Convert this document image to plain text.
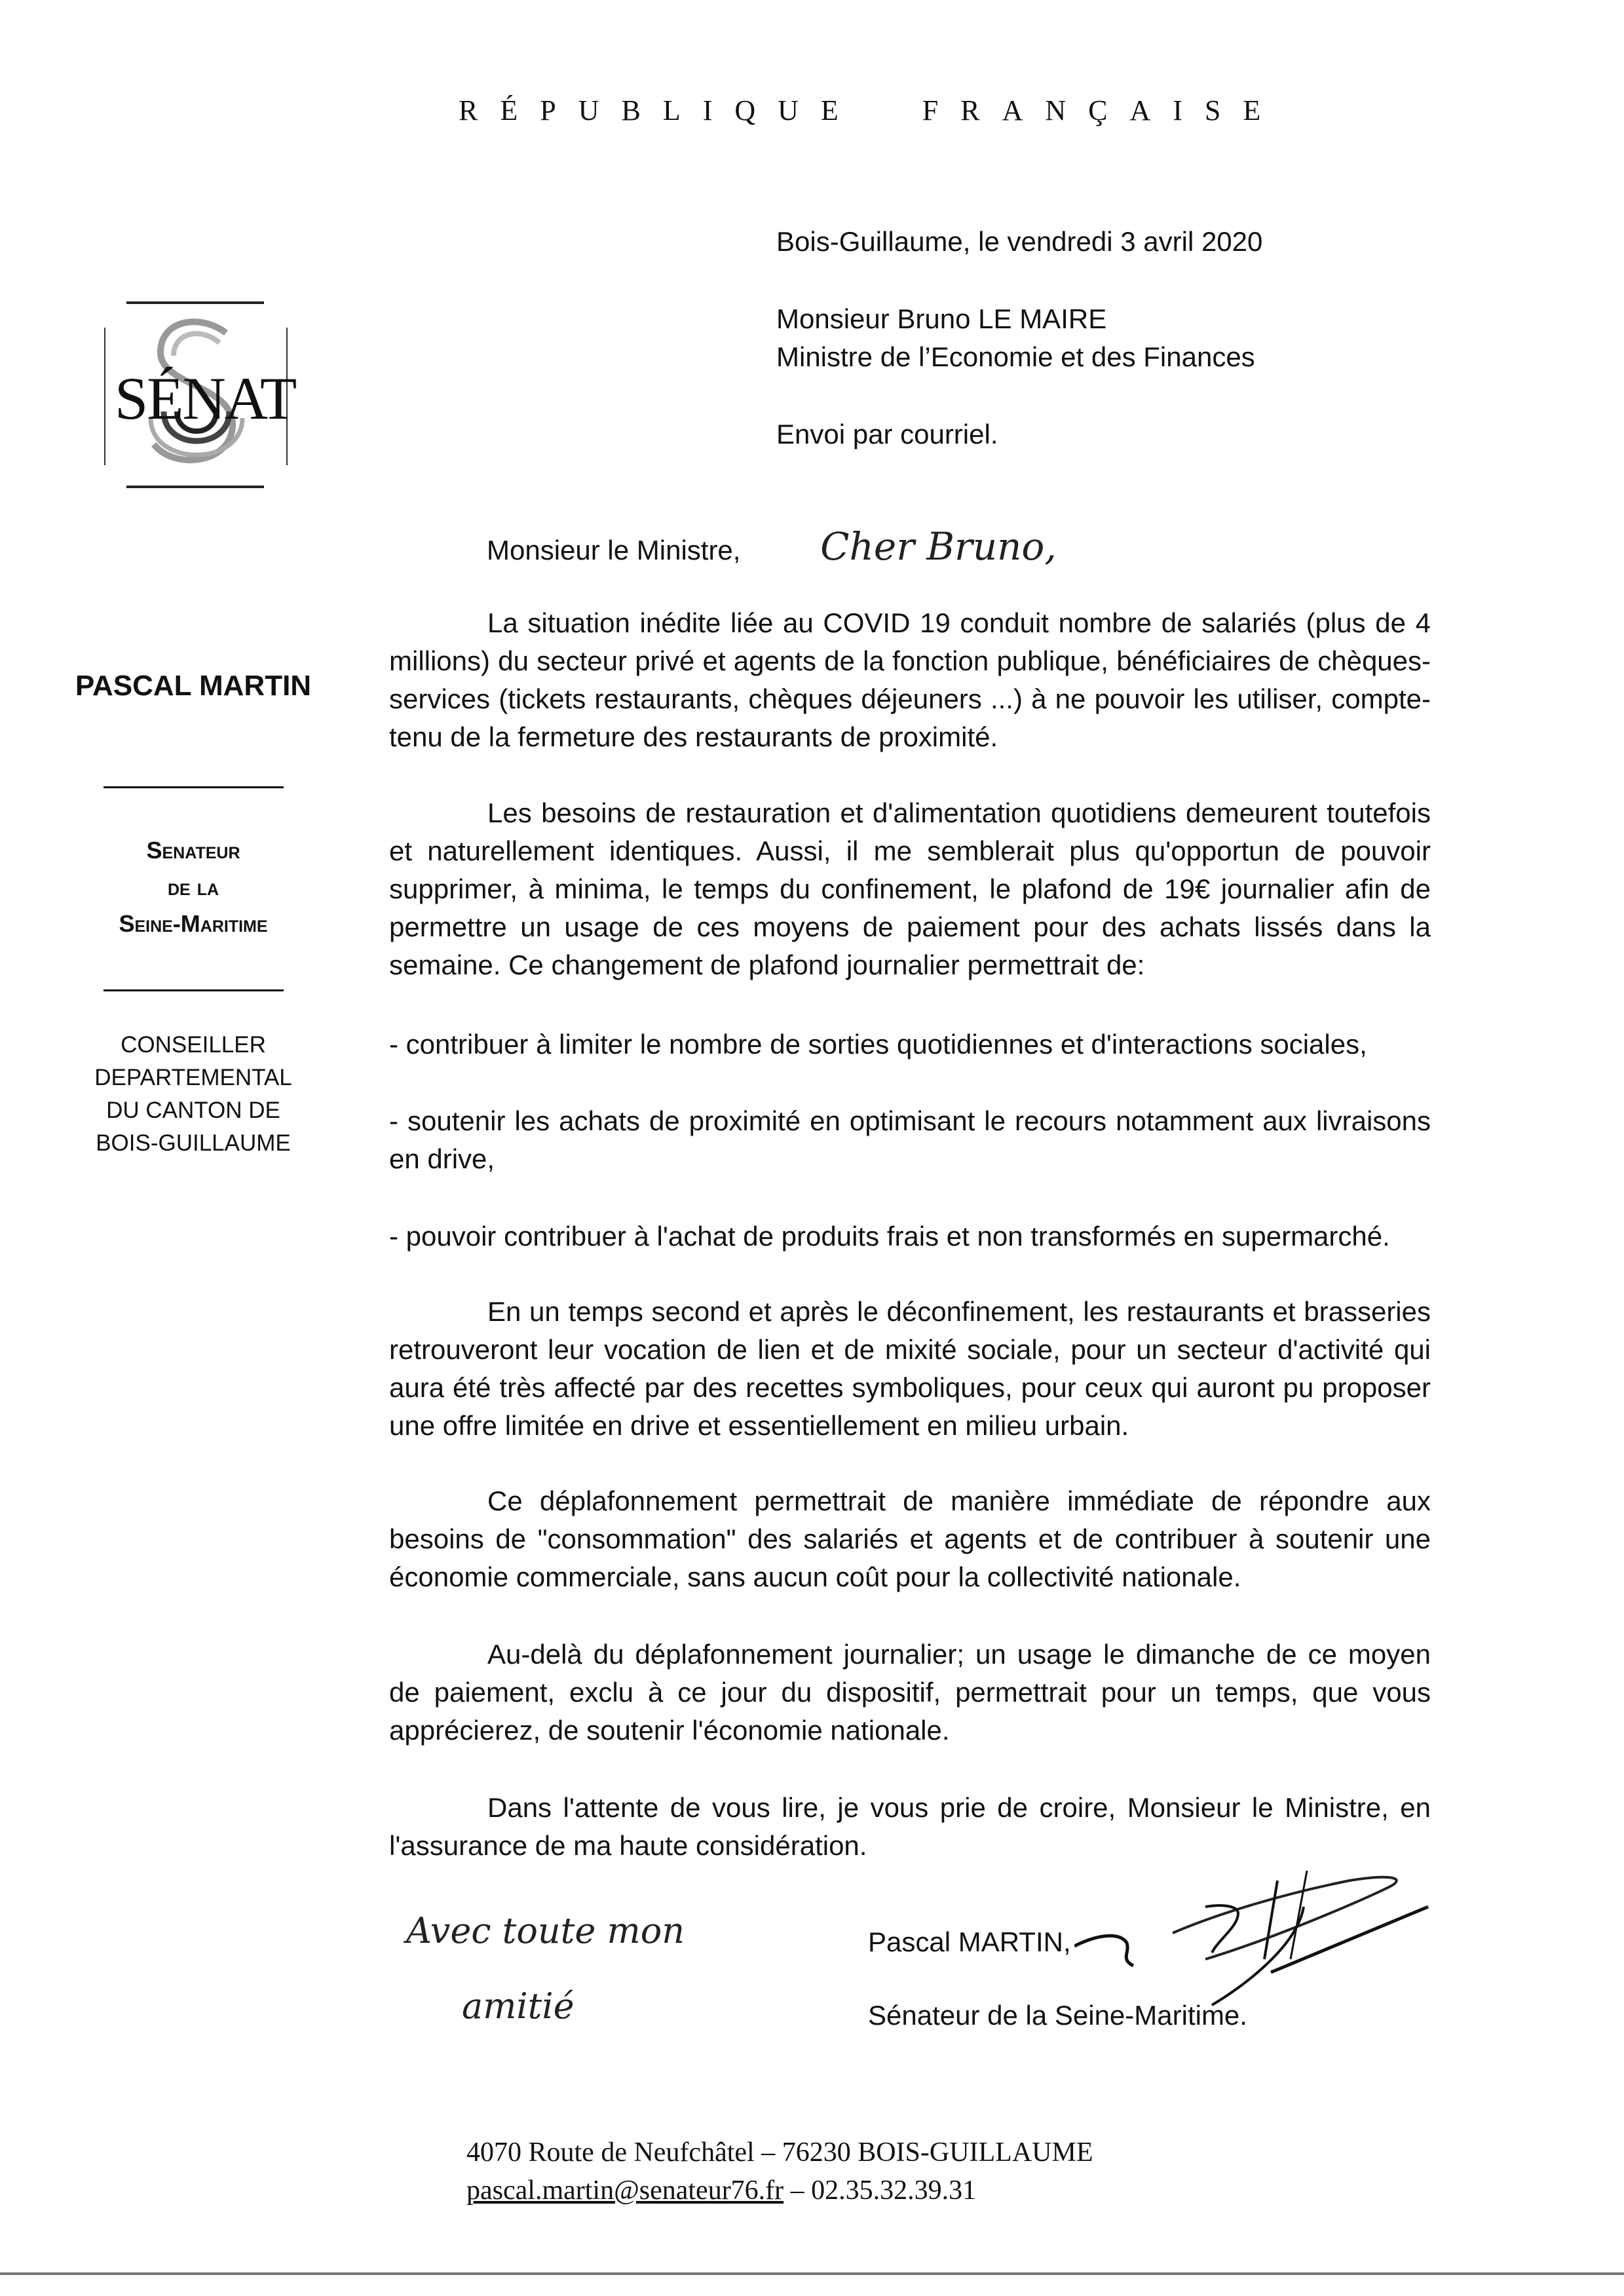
RÉPUBLIQUE FRANÇAISE
SÉNAT
Bois-Guillaume, le vendredi 3 avril 2020
Monsieur Bruno LE MAIRE
Ministre de l’Economie et des Finances
Envoi par courriel.
PASCAL MARTIN
Senateur
de la
Seine-Maritime
CONSEILLER
DEPARTEMENTAL
DU CANTON DE
BOIS-GUILLAUME
Monsieur le Ministre, Cher Bruno,

La situation inédite liée au COVID 19 conduit nombre de salariés (plus de 4 millions) du secteur privé et agents de la fonction publique, bénéficiaires de chèques-services (tickets restaurants, chèques déjeuners ...) à ne pouvoir les utiliser, compte-tenu de la fermeture des restaurants de proximité.

Les besoins de restauration et d'alimentation quotidiens demeurent toutefois et naturellement identiques. Aussi, il me semblerait plus qu'opportun de pouvoir supprimer, à minima, le temps du confinement, le plafond de 19€ journalier afin de permettre un usage de ces moyens de paiement pour des achats lissés dans la semaine. Ce changement de plafond journalier permettrait de:

- contribuer à limiter le nombre de sorties quotidiennes et d'interactions sociales,

- soutenir les achats de proximité en optimisant le recours notamment aux livraisons en drive,

- pouvoir contribuer à l'achat de produits frais et non transformés en supermarché.

En un temps second et après le déconfinement, les restaurants et brasseries retrouveront leur vocation de lien et de mixité sociale, pour un secteur d'activité qui aura été très affecté par des recettes symboliques, pour ceux qui auront pu proposer une offre limitée en drive et essentiellement en milieu urbain.

Ce déplafonnement permettrait de manière immédiate de répondre aux besoins de "consommation" des salariés et agents et de contribuer à soutenir une économie commerciale, sans aucun coût pour la collectivité nationale.

Au-delà du déplafonnement journalier; un usage le dimanche de ce moyen de paiement, exclu à ce jour du dispositif, permettrait pour un temps, que vous apprécierez, de soutenir l'économie nationale.

Dans l'attente de vous lire, je vous prie de croire, Monsieur le Ministre, en l'assurance de ma haute considération.

Avec toute mon
amitié
Pascal MARTIN,
Sénateur de la Seine-Maritime.
4070 Route de Neufchâtel – 76230 BOIS-GUILLAUME
pascal.martin@senateur76.fr – 02.35.32.39.31
